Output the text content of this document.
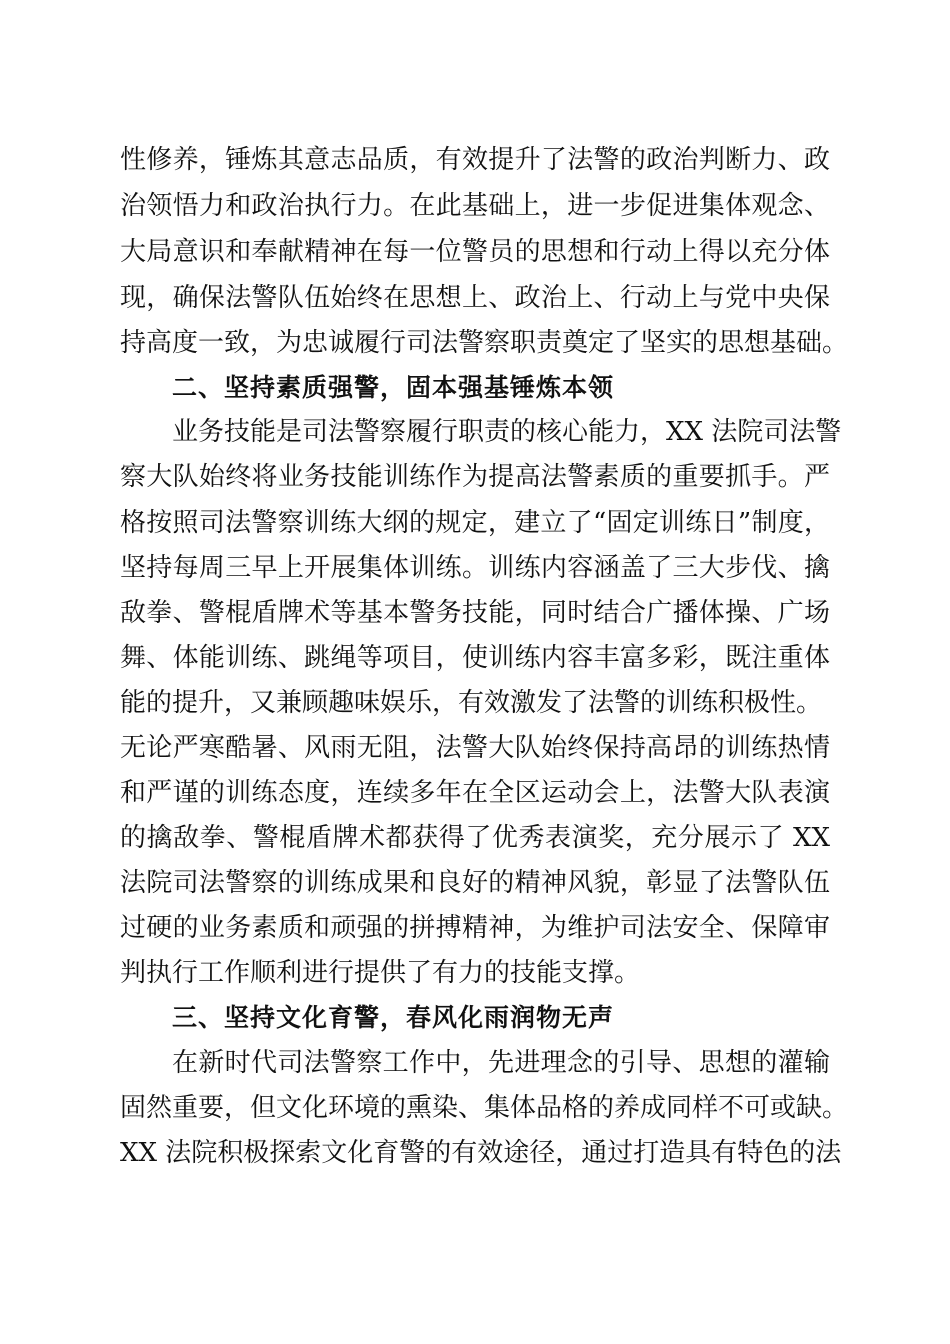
性修养，锤炼其意志品质，有效提升了法警的政治判断力、政
治领悟力和政治执行力。在此基础上，进一步促进集体观念、
大局意识和奉献精神在每一位警员的思想和行动上得以充分体
现，确保法警队伍始终在思想上、政治上、行动上与党中央保
持高度一致，为忠诚履行司法警察职责奠定了坚实的思想基础。
二、坚持素质强警，固本强基锤炼本领
业务技能是司法警察履行职责的核心能力，XX 法院司法警
察大队始终将业务技能训练作为提高法警素质的重要抓手。严
格按照司法警察训练大纲的规定，建立了“固定训练日”制度，
坚持每周三早上开展集体训练。训练内容涵盖了三大步伐、擒
敌拳、警棍盾牌术等基本警务技能，同时结合广播体操、广场
舞、体能训练、跳绳等项目，使训练内容丰富多彩，既注重体
能的提升，又兼顾趣味娱乐，有效激发了法警的训练积极性。
无论严寒酷暑、风雨无阻，法警大队始终保持高昂的训练热情
和严谨的训练态度，连续多年在全区运动会上，法警大队表演
的擒敌拳、警棍盾牌术都获得了优秀表演奖，充分展示了 XX
法院司法警察的训练成果和良好的精神风貌，彰显了法警队伍
过硬的业务素质和顽强的拼搏精神，为维护司法安全、保障审
判执行工作顺利进行提供了有力的技能支撑。
三、坚持文化育警，春风化雨润物无声
在新时代司法警察工作中，先进理念的引导、思想的灌输
固然重要，但文化环境的熏染、集体品格的养成同样不可或缺。
XX 法院积极探索文化育警的有效途径，通过打造具有特色的法
